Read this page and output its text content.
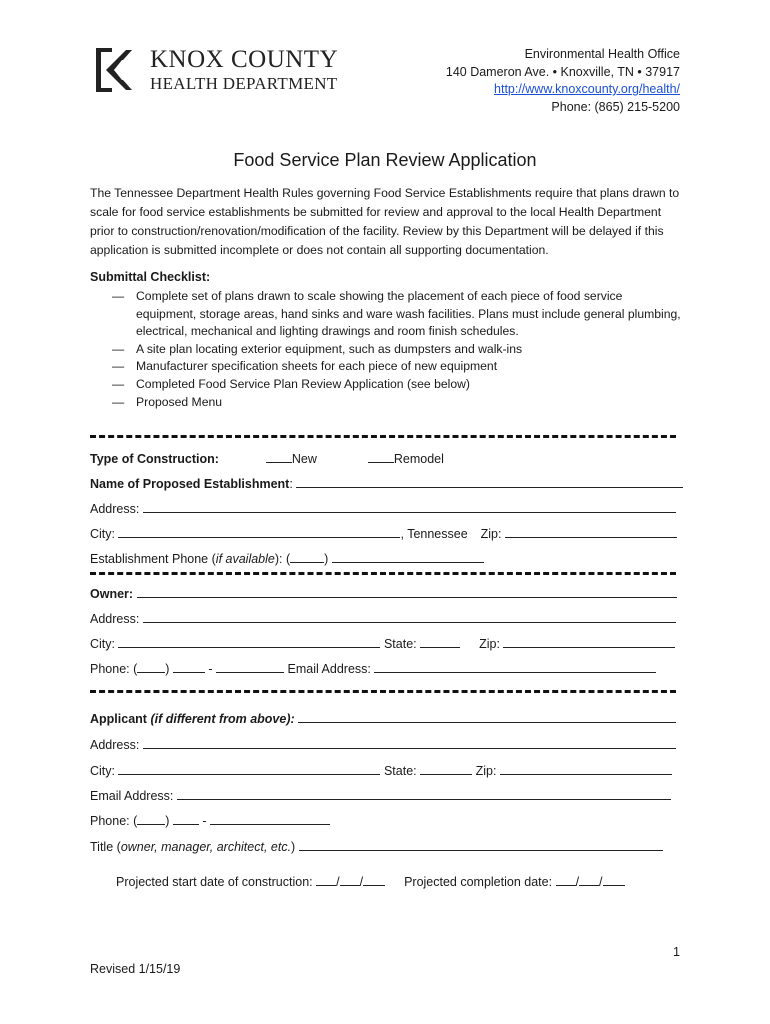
KNOX COUNTY
HEALTH DEPARTMENT
Environmental Health Office
140 Dameron Ave. • Knoxville, TN • 37917
http://www.knoxcounty.org/health/
Phone: (865) 215-5200
Food Service Plan Review Application
The Tennessee Department Health Rules governing Food Service Establishments require that plans drawn to scale for food service establishments be submitted for review and approval to the local Health Department prior to construction/renovation/modification of the facility. Review by this Department will be delayed if this application is submitted incomplete or does not contain all supporting documentation.
Submittal Checklist:
— Complete set of plans drawn to scale showing the placement of each piece of food service equipment, storage areas, hand sinks and ware wash facilities. Plans must include general plumbing, electrical, mechanical and lighting drawings and room finish schedules.
— A site plan locating exterior equipment, such as dumpsters and walk-ins
— Manufacturer specification sheets for each piece of new equipment
— Completed Food Service Plan Review Application (see below)
— Proposed Menu
Type of Construction:	New	Remodel
Name of Proposed Establishment:
Address:
City:	, Tennessee Zip:
Establishment Phone (if available): (	)
Owner:
Address:
City:	State:	Zip:
Phone: ( )	-	Email Address:
Applicant (if different from above):
Address:
City:	State:	Zip:
Email Address:
Phone: ( )  -
Title (owner, manager, architect, etc.)
Projected start date of construction: / /	Projected completion date: / /
1
Revised 1/15/19
